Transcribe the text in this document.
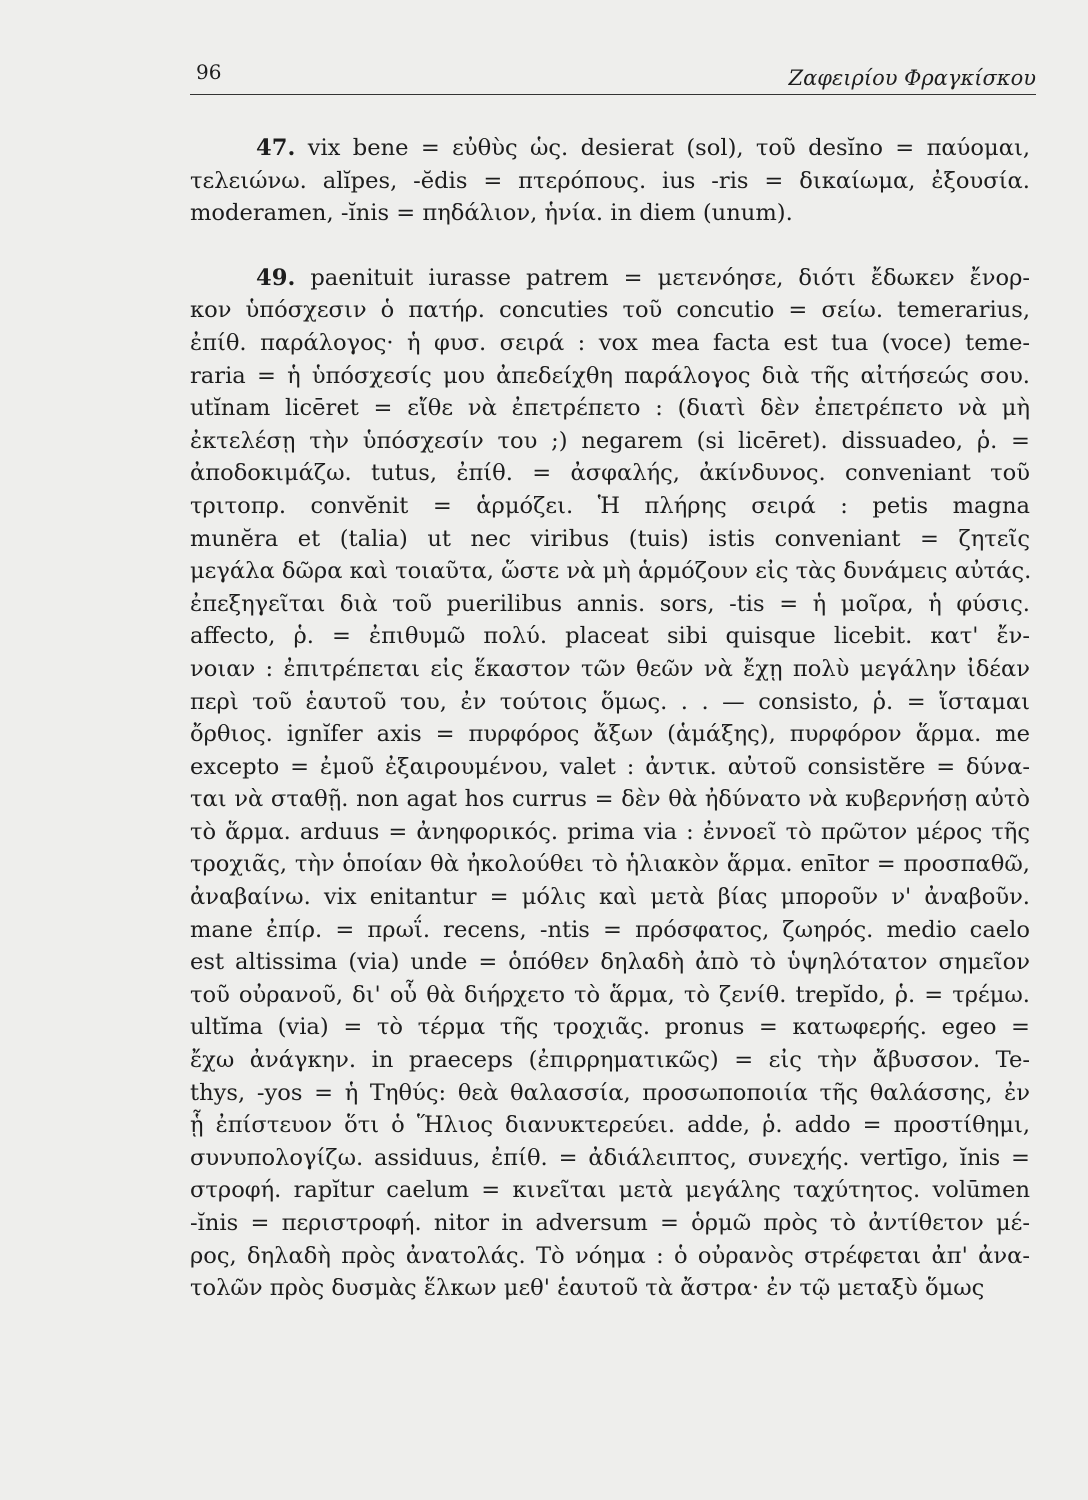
96	Ζαφειρίου Φραγκίσκου
47. vix bene = εὐθὺς ὡς. desierat (sol), τοῦ desĭno = παύομαι,
τελειώνω. alĭpes, -ĕdis = πτερόπους. ius -ris = δικαίωμα, ἐξουσία.
moderamen, -ĭnis = πηδάλιον, ἡνία. in diem (unum).
49. paenituit iurasse patrem = μετενόησε, διότι ἔδωκεν ἔνορ-
κον ὑπόσχεσιν ὁ πατήρ. concuties τοῦ concutio = σείω. temerarius,
ἐπίθ. παράλογος· ἡ φυσ. σειρά : vox mea facta est tua (voce) teme-
raria = ἡ ὑπόσχεσίς μου ἀπεδείχθη παράλογος διὰ τῆς αἰτήσεώς σου.
utĭnam licēret = εἴθε νὰ ἐπετρέπετο : (διατὶ δὲν ἐπετρέπετο νὰ μὴ
ἐκτελέσῃ τὴν ὑπόσχεσίν του ;) negarem (si licēret). dissuadeo, ῥ. =
ἀποδοκιμάζω. tutus, ἐπίθ. = ἀσφαλής, ἀκίνδυνος. conveniant τοῦ
τριτοπρ. convĕnit = ἁρμόζει. Ἡ πλήρης σειρά : petis magna
munĕra et (talia) ut nec viribus (tuis) istis conveniant = ζητεῖς
μεγάλα δῶρα καὶ τοιαῦτα, ὥστε νὰ μὴ ἁρμόζουν εἰς τὰς δυνάμεις αὐτάς.
ἐπεξηγεῖται διὰ τοῦ puerilibus annis. sors, -tis = ἡ μοῖρα, ἡ φύσις.
affecto, ῥ. = ἐπιθυμῶ πολύ. placeat sibi quisque licebit. κατ' ἔν-
νοιαν : ἐπιτρέπεται εἰς ἕκαστον τῶν θεῶν νὰ ἔχῃ πολὺ μεγάλην ἰδέαν
περὶ τοῦ ἑαυτοῦ του, ἐν τούτοις ὅμως. . . — consisto, ῥ. = ἵσταμαι
ὄρθιος. ignĭfer axis = πυρφόρος ἄξων (ἁμάξης), πυρφόρον ἅρμα. me
excepto = ἐμοῦ ἐξαιρουμένου, valet : ἀντικ. αὐτοῦ consistĕre = δύνα-
ται νὰ σταθῇ. non agat hos currus = δὲν θὰ ἠδύνατο νὰ κυβερνήσῃ αὐτὸ
τὸ ἅρμα. arduus = ἀνηφορικός. prima via : ἐννοεῖ τὸ πρῶτον μέρος τῆς
τροχιᾶς, τὴν ὁποίαν θὰ ἠκολούθει τὸ ἡλιακὸν ἅρμα. enītor = προσπαθῶ,
ἀναβαίνω. vix enitantur = μόλις καὶ μετὰ βίας μποροῦν ν' ἀναβοῦν.
mane ἐπίρ. = πρωΐ. recens, -ntis = πρόσφατος, ζωηρός. medio caelo
est altissima (via) unde = ὁπόθεν δηλαδὴ ἀπὸ τὸ ὑψηλότατον σημεῖον
τοῦ οὐρανοῦ, δι' οὗ θὰ διήρχετο τὸ ἅρμα, τὸ ζενίθ. trepĭdo, ῥ. = τρέμω.
ultĭma (via) = τὸ τέρμα τῆς τροχιᾶς. pronus = κατωφερής. egeo =
ἔχω ἀνάγκην. in praeceps (ἐπιρρηματικῶς) = εἰς τὴν ἄβυσσον. Te-
thys, -yos = ἡ Τηθύς: θεὰ θαλασσία, προσωποποιία τῆς θαλάσσης, ἐν
ᾗ ἐπίστευον ὅτι ὁ Ἥλιος διανυκτερεύει. adde, ῥ. addo = προστίθημι,
συνυπολογίζω. assiduus, ἐπίθ. = ἀδιάλειπτος, συνεχής. vertīgo, ĭnis =
στροφή. rapĭtur caelum = κινεῖται μετὰ μεγάλης ταχύτητος. volūmen
-ĭnis = περιστροφή. nitor in adversum = ὁρμῶ πρὸς τὸ ἀντίθετον μέ-
ρος, δηλαδὴ πρὸς ἀνατολάς. Τὸ νόημα : ὁ οὐρανὸς στρέφεται ἀπ' ἀνα-
τολῶν πρὸς δυσμὰς ἕλκων μεθ' ἑαυτοῦ τὰ ἄστρα· ἐν τῷ μεταξὺ ὅμως
